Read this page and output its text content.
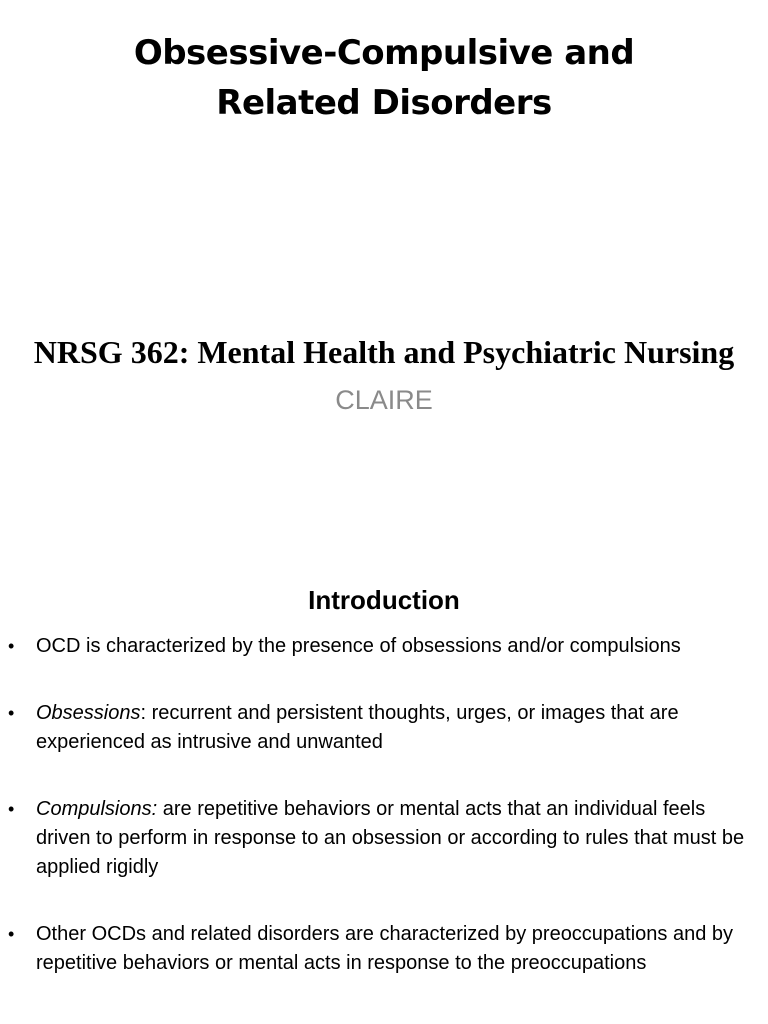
Obsessive-Compulsive and
Related Disorders
NRSG 362: Mental Health and Psychiatric Nursing
CLAIRE
Introduction
• OCD is characterized by the presence of obsessions and/or compulsions
• Obsessions: recurrent and persistent thoughts, urges, or images that are experienced as intrusive and unwanted
• Compulsions: are repetitive behaviors or mental acts that an individual feels driven to perform in response to an obsession or according to rules that must be applied rigidly
• Other OCDs and related disorders are characterized by preoccupations and by repetitive behaviors or mental acts in response to the preoccupations
